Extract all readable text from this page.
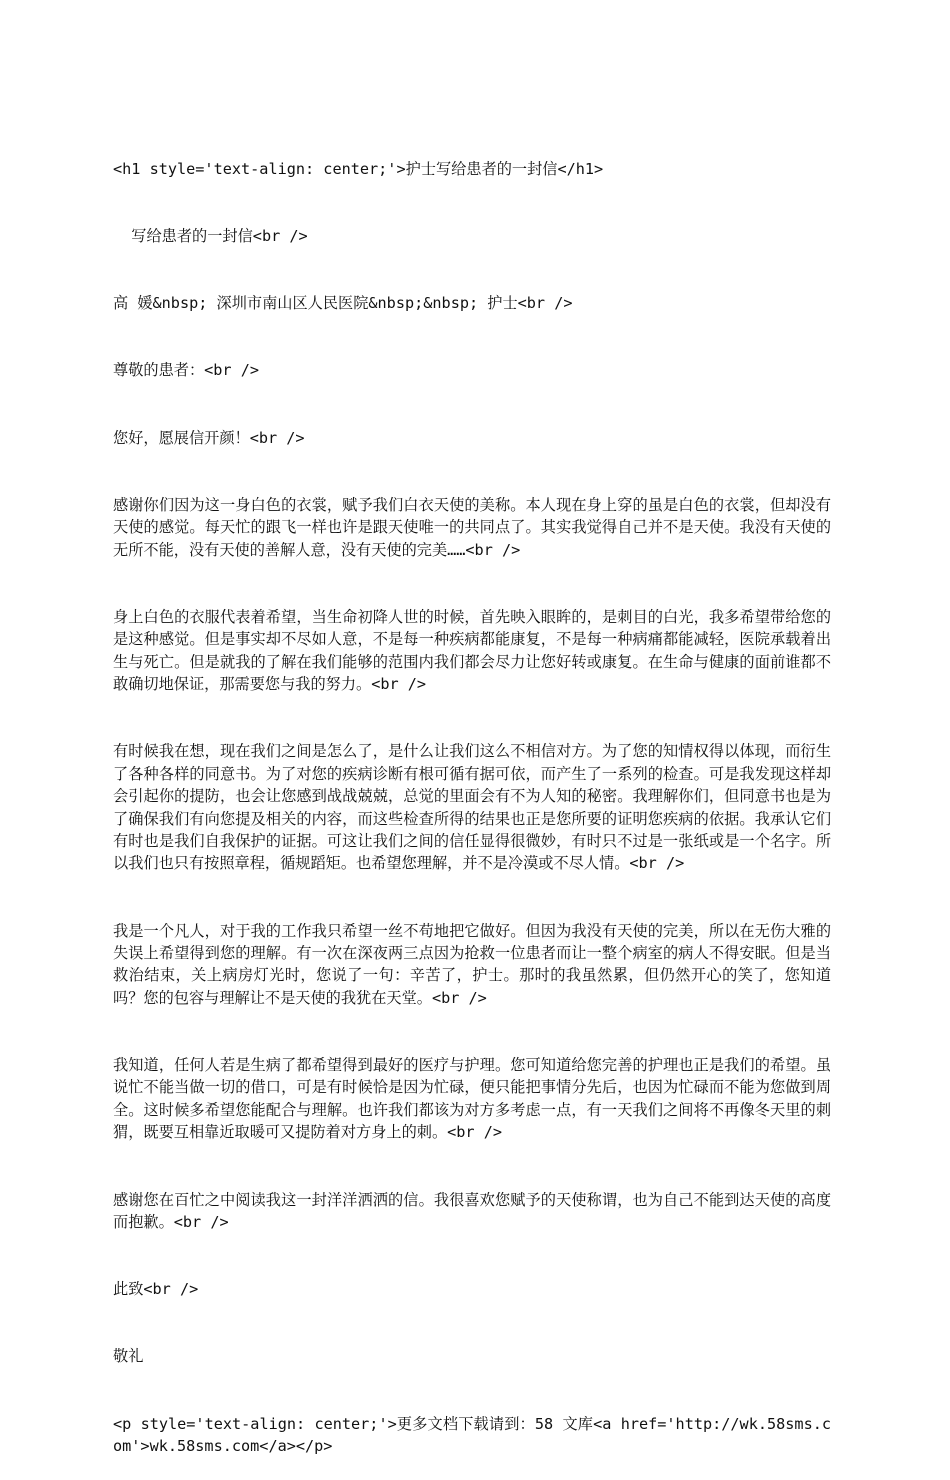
<h1 style='text-align: center;'>护士写给患者的一封信</h1>

写给患者的一封信<br />

高 媛&nbsp; 深圳市南山区人民医院&nbsp;&nbsp; 护士<br />

尊敬的患者：<br />

您好，愿展信开颜！<br />

感谢你们因为这一身白色的衣裳，赋予我们白衣天使的美称。本人现在身上穿的虽是白色的衣裳，但却没有天使的感觉。每天忙的跟飞一样也许是跟天使唯一的共同点了。其实我觉得自己并不是天使。我没有天使的无所不能，没有天使的善解人意，没有天使的完美……<br />

身上白色的衣服代表着希望，当生命初降人世的时候，首先映入眼眸的，是刺目的白光，我多希望带给您的是这种感觉。但是事实却不尽如人意，不是每一种疾病都能康复，不是每一种病痛都能减轻，医院承载着出生与死亡。但是就我的了解在我们能够的范围内我们都会尽力让您好转或康复。在生命与健康的面前谁都不敢确切地保证，那需要您与我的努力。<br />

有时候我在想，现在我们之间是怎么了，是什么让我们这么不相信对方。为了您的知情权得以体现，而衍生了各种各样的同意书。为了对您的疾病诊断有根可循有据可依，而产生了一系列的检查。可是我发现这样却会引起你的提防，也会让您感到战战兢兢，总觉的里面会有不为人知的秘密。我理解你们，但同意书也是为了确保我们有向您提及相关的内容，而这些检查所得的结果也正是您所要的证明您疾病的依据。我承认它们有时也是我们自我保护的证据。可这让我们之间的信任显得很微妙，有时只不过是一张纸或是一个名字。所以我们也只有按照章程，循规蹈矩。也希望您理解，并不是冷漠或不尽人情。<br />

我是一个凡人，对于我的工作我只希望一丝不苟地把它做好。但因为我没有天使的完美，所以在无伤大雅的失误上希望得到您的理解。有一次在深夜两三点因为抢救一位患者而让一整个病室的病人不得安眠。但是当救治结束，关上病房灯光时，您说了一句：辛苦了，护士。那时的我虽然累，但仍然开心的笑了，您知道吗？您的包容与理解让不是天使的我犹在天堂。<br />

我知道，任何人若是生病了都希望得到最好的医疗与护理。您可知道给您完善的护理也正是我们的希望。虽说忙不能当做一切的借口，可是有时候恰是因为忙碌，便只能把事情分先后，也因为忙碌而不能为您做到周全。这时候多希望您能配合与理解。也许我们都该为对方多考虑一点，有一天我们之间将不再像冬天里的刺猬，既要互相靠近取暖可又提防着对方身上的刺。<br />

感谢您在百忙之中阅读我这一封洋洋洒洒的信。我很喜欢您赋予的天使称谓，也为自己不能到达天使的高度而抱歉。<br />

此致<br />

敬礼

<p style='text-align: center;'>更多文档下载请到：58 文库<a href='http://wk.58sms.com'>wk.58sms.com</a></p>
